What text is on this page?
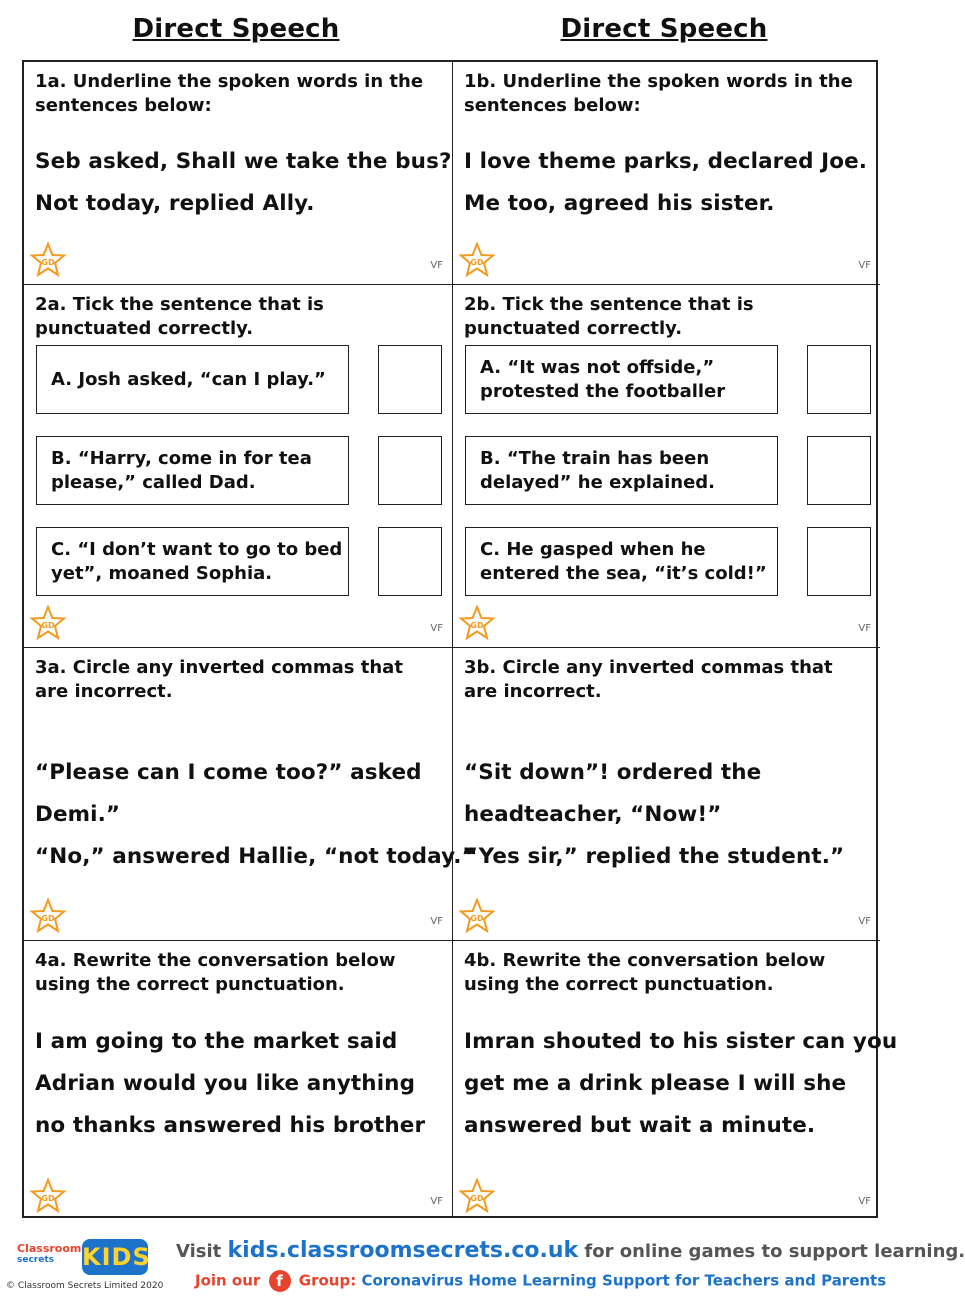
Direct Speech	Direct Speech
1a. Underline the spoken words in the sentences below:
Seb asked, Shall we take the bus?
Not today, replied Ally.
GD	VF
1b. Underline the spoken words in the sentences below:
I love theme parks, declared Joe.
Me too, agreed his sister.
GD	VF
2a. Tick the sentence that is punctuated correctly.
A. Josh asked, “can I play.”
B. “Harry, come in for tea please,” called Dad.
C. “I don’t want to go to bed yet”, moaned Sophia.
GD	VF
2b. Tick the sentence that is punctuated correctly.
A. “It was not offside,” protested the footballer
B. “The train has been delayed” he explained.
C. He gasped when he entered the sea, “it’s cold!”
GD	VF
3a. Circle any inverted commas that are incorrect.
“Please can I come too?” asked
Demi.”
“No,” answered Hallie, “not today.”
GD	VF
3b. Circle any inverted commas that are incorrect.
“Sit down”! ordered the
headteacher, “Now!”
“Yes sir,” replied the student.”
GD	VF
4a. Rewrite the conversation below using the correct punctuation.
I am going to the market said
Adrian would you like anything
no thanks answered his brother
GD	VF
4b. Rewrite the conversation below using the correct punctuation.
Imran shouted to his sister can you
get me a drink please I will she
answered but wait a minute.
GD	VF
Classroom
secrets	KIDS Visit kids.classroomsecrets.co.uk for online games to support learning.
Join our f Group: Coronavirus Home Learning Support for Teachers and Parents
© Classroom Secrets Limited 2020
